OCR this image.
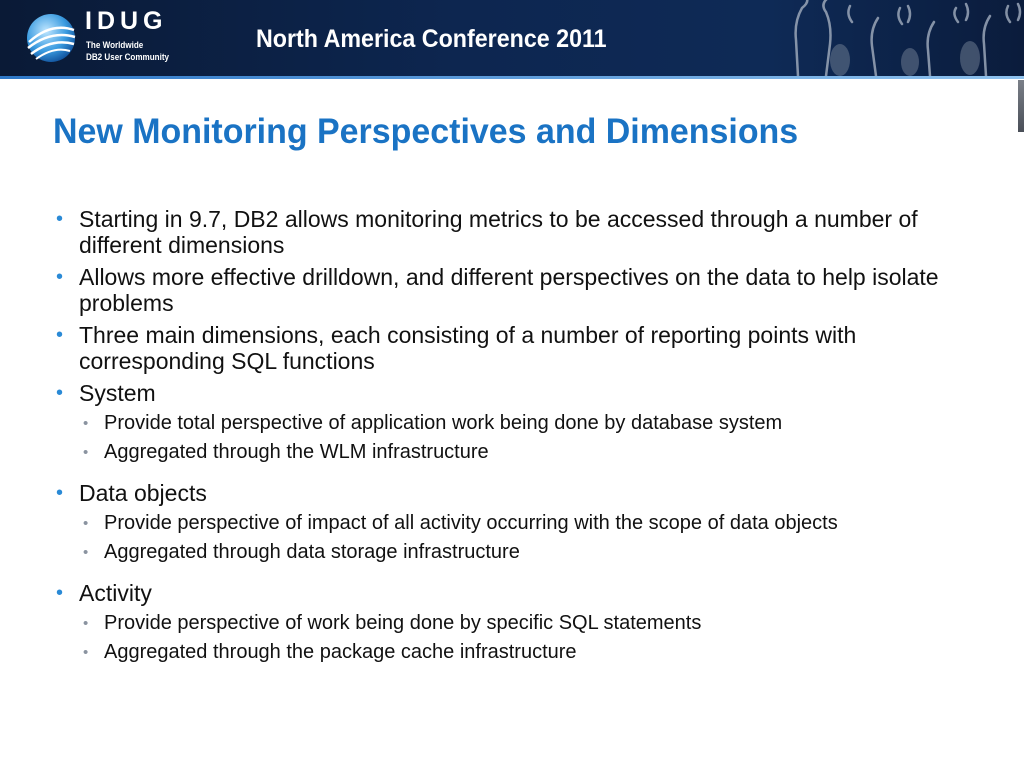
IDUG
The Worldwide
DB2 User Community
North America Conference 2011
New Monitoring Perspectives and Dimensions
• Starting in 9.7, DB2 allows monitoring metrics to be accessed through a number of different dimensions
• Allows more effective drilldown, and different perspectives on the data to help isolate problems
• Three main dimensions, each consisting of a number of reporting points with corresponding SQL functions
• System
• Provide total perspective of application work being done by database system
• Aggregated through the WLM infrastructure
• Data objects
• Provide perspective of impact of all activity occurring with the scope of data objects
• Aggregated through data storage infrastructure
• Activity
• Provide perspective of work being done by specific SQL statements
• Aggregated through the package cache infrastructure
